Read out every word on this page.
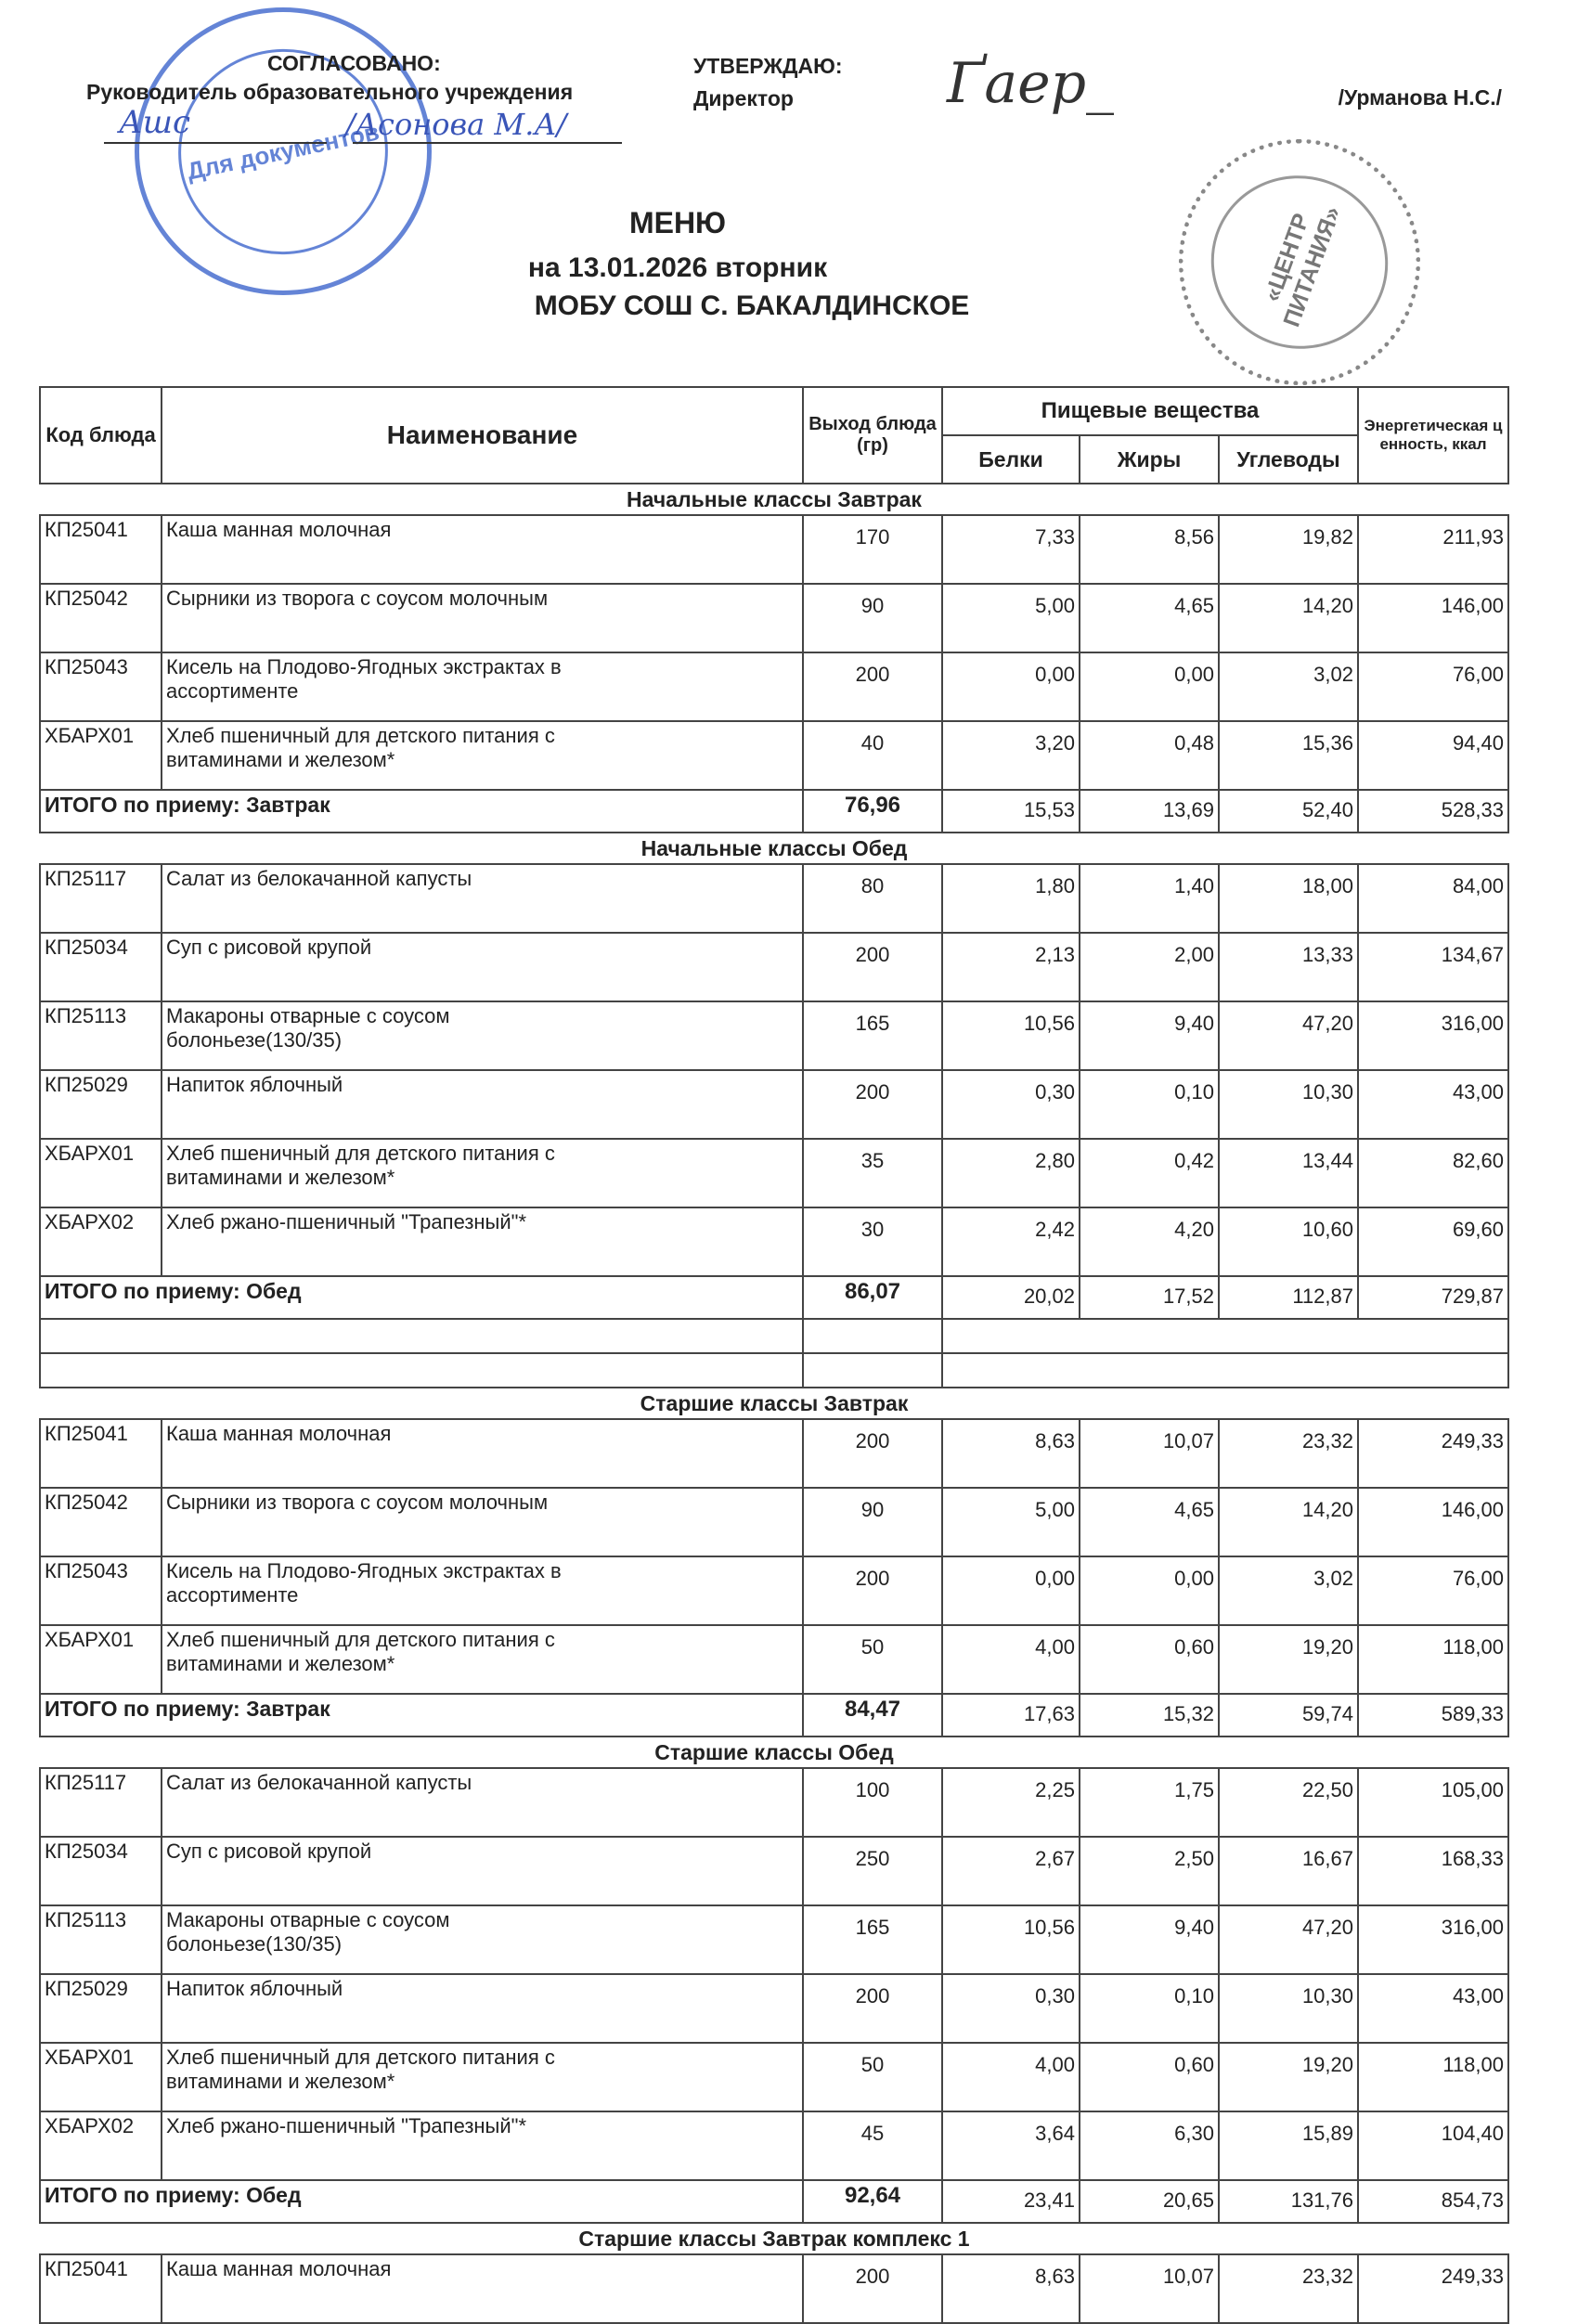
Для документов
«ЦЕНТР ПИТАНИЯ»
СОГЛАСОВАНО:
Руководитель образовательного учреждения
Ашс	/Асонова М.А/
УТВЕРЖДАЮ:
Директор	Ґаер_	/Урманова Н.С./
МЕНЮ
на 13.01.2026 вторник
МОБУ СОШ С. БАКАЛДИНСКОЕ
Код блюда	Наименование	Выход блюда (гр)	Пищевые вещества			Энергетическая ценность, ккал
			Белки	Жиры	Углеводы	
Начальные классы Завтрак						
КП25041	Каша манная молочная	170	7,33	8,56	19,82	211,93
КП25042	Сырники из творога с соусом молочным	90	5,00	4,65	14,20	146,00
КП25043	Кисель на Плодово-Ягодных экстрактах в ассортименте	200	0,00	0,00	3,02	76,00
ХБАРХ01	Хлеб пшеничный для детского питания с витаминами и железом*	40	3,20	0,48	15,36	94,40
ИТОГО по приему: Завтрак		76,96	15,53	13,69	52,40	528,33
Начальные классы Обед						
КП25117	Салат из белокачанной капусты	80	1,80	1,40	18,00	84,00
КП25034	Суп с рисовой крупой	200	2,13	2,00	13,33	134,67
КП25113	Макароны отварные с соусом болоньезе(130/35)	165	10,56	9,40	47,20	316,00
КП25029	Напиток яблочный	200	0,30	0,10	10,30	43,00
ХБАРХ01	Хлеб пшеничный для детского питания с витаминами и железом*	35	2,80	0,42	13,44	82,60
ХБАРХ02	Хлеб ржано-пшеничный "Трапезный"*	30	2,42	4,20	10,60	69,60
ИТОГО по приему: Обед		86,07	20,02	17,52	112,87	729,87

Старшие классы Завтрак						
КП25041	Каша манная молочная	200	8,63	10,07	23,32	249,33
КП25042	Сырники из творога с соусом молочным	90	5,00	4,65	14,20	146,00
КП25043	Кисель на Плодово-Ягодных экстрактах в ассортименте	200	0,00	0,00	3,02	76,00
ХБАРХ01	Хлеб пшеничный для детского питания с витаминами и железом*	50	4,00	0,60	19,20	118,00
ИТОГО по приему: Завтрак		84,47	17,63	15,32	59,74	589,33
Старшие классы Обед						
КП25117	Салат из белокачанной капусты	100	2,25	1,75	22,50	105,00
КП25034	Суп с рисовой крупой	250	2,67	2,50	16,67	168,33
КП25113	Макароны отварные с соусом болоньезе(130/35)	165	10,56	9,40	47,20	316,00
КП25029	Напиток яблочный	200	0,30	0,10	10,30	43,00
ХБАРХ01	Хлеб пшеничный для детского питания с витаминами и железом*	50	4,00	0,60	19,20	118,00
ХБАРХ02	Хлеб ржано-пшеничный "Трапезный"*	45	3,64	6,30	15,89	104,40
ИТОГО по приему: Обед		92,64	23,41	20,65	131,76	854,73
Старшие классы Завтрак комплекс 1						
КП25041	Каша манная молочная	200	8,63	10,07	23,32	249,33
